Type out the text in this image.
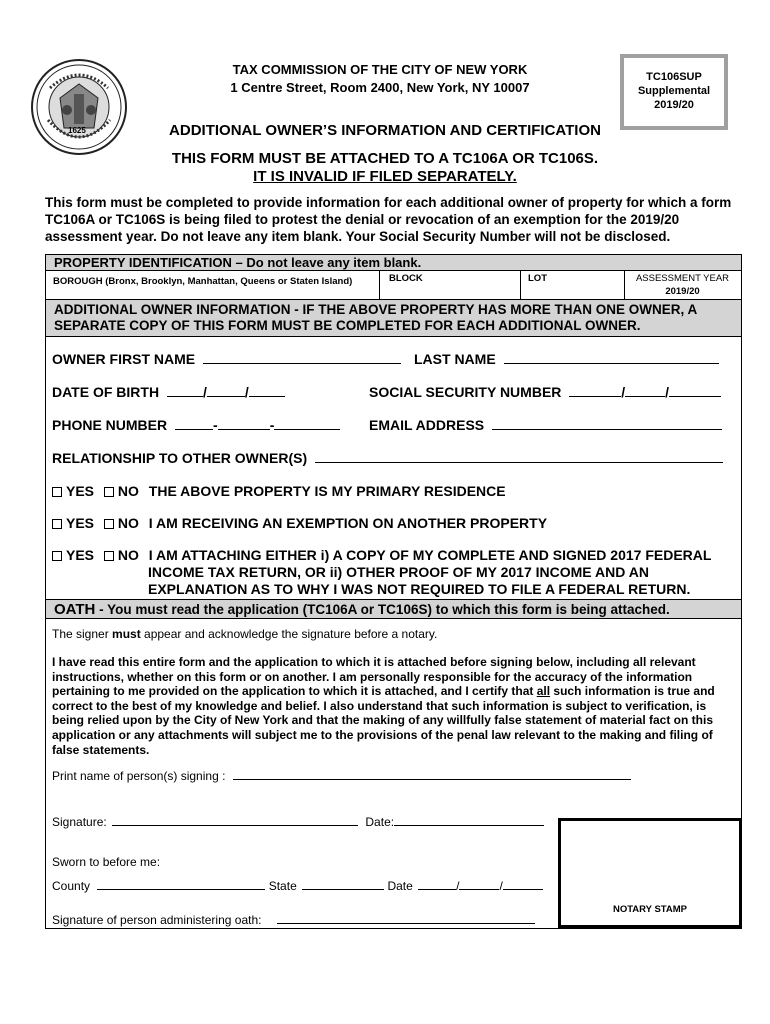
1625
TAX COMMISSION OF THE CITY OF NEW YORK
1 Centre Street, Room 2400, New York, NY 10007
TC106SUP
Supplemental
2019/20
ADDITIONAL OWNER’S INFORMATION AND CERTIFICATION
THIS FORM MUST BE ATTACHED TO A TC106A OR TC106S.
IT IS INVALID IF FILED SEPARATELY.
This form must be completed to provide information for each additional owner of property for which a form TC106A or TC106S is being filed to protest the denial or revocation of an exemption for the 2019/20 assessment year. Do not leave any item blank. Your Social Security Number will not be disclosed.
PROPERTY IDENTIFICATION – Do not leave any item blank.
BOROUGH (Bronx, Brooklyn, Manhattan, Queens or Staten Island)	BLOCK	LOT	ASSESSMENT YEAR
2019/20
ADDITIONAL OWNER INFORMATION - IF THE ABOVE PROPERTY HAS MORE THAN ONE OWNER, A SEPARATE COPY OF THIS FORM MUST BE COMPLETED FOR EACH ADDITIONAL OWNER.
OWNER FIRST NAME	LAST NAME
DATE OF BIRTH	/	/	SOCIAL SECURITY NUMBER	/	/
PHONE NUMBER	-	-	EMAIL ADDRESS
RELATIONSHIP TO OTHER OWNER(S)
YES NO THE ABOVE PROPERTY IS MY PRIMARY RESIDENCE
YES NO I AM RECEIVING AN EXEMPTION ON ANOTHER PROPERTY
YES NO I AM ATTACHING EITHER i) A COPY OF MY COMPLETE AND SIGNED 2017 FEDERAL
INCOME TAX RETURN, OR ii) OTHER PROOF OF MY 2017 INCOME AND AN
EXPLANATION AS TO WHY I WAS NOT REQUIRED TO FILE A FEDERAL RETURN.
OATH - You must read the application (TC106A or TC106S) to which this form is being attached.
The signer must appear and acknowledge the signature before a notary.
I have read this entire form and the application to which it is attached before signing below, including all relevant instructions, whether on this form or on another. I am personally responsible for the accuracy of the information pertaining to me provided on the application to which it is attached, and I certify that all such information is true and correct to the best of my knowledge and belief. I also understand that such information is subject to verification, is being relied upon by the City of New York and that the making of any willfully false statement of material fact on this application or any attachments will subject me to the provisions of the penal law relevant to the making and filing of false statements.
Print name of person(s) signing :
Signature:	Date:
Sworn to before me:
County	State	Date	/	/
Signature of person administering oath:
NOTARY STAMP
